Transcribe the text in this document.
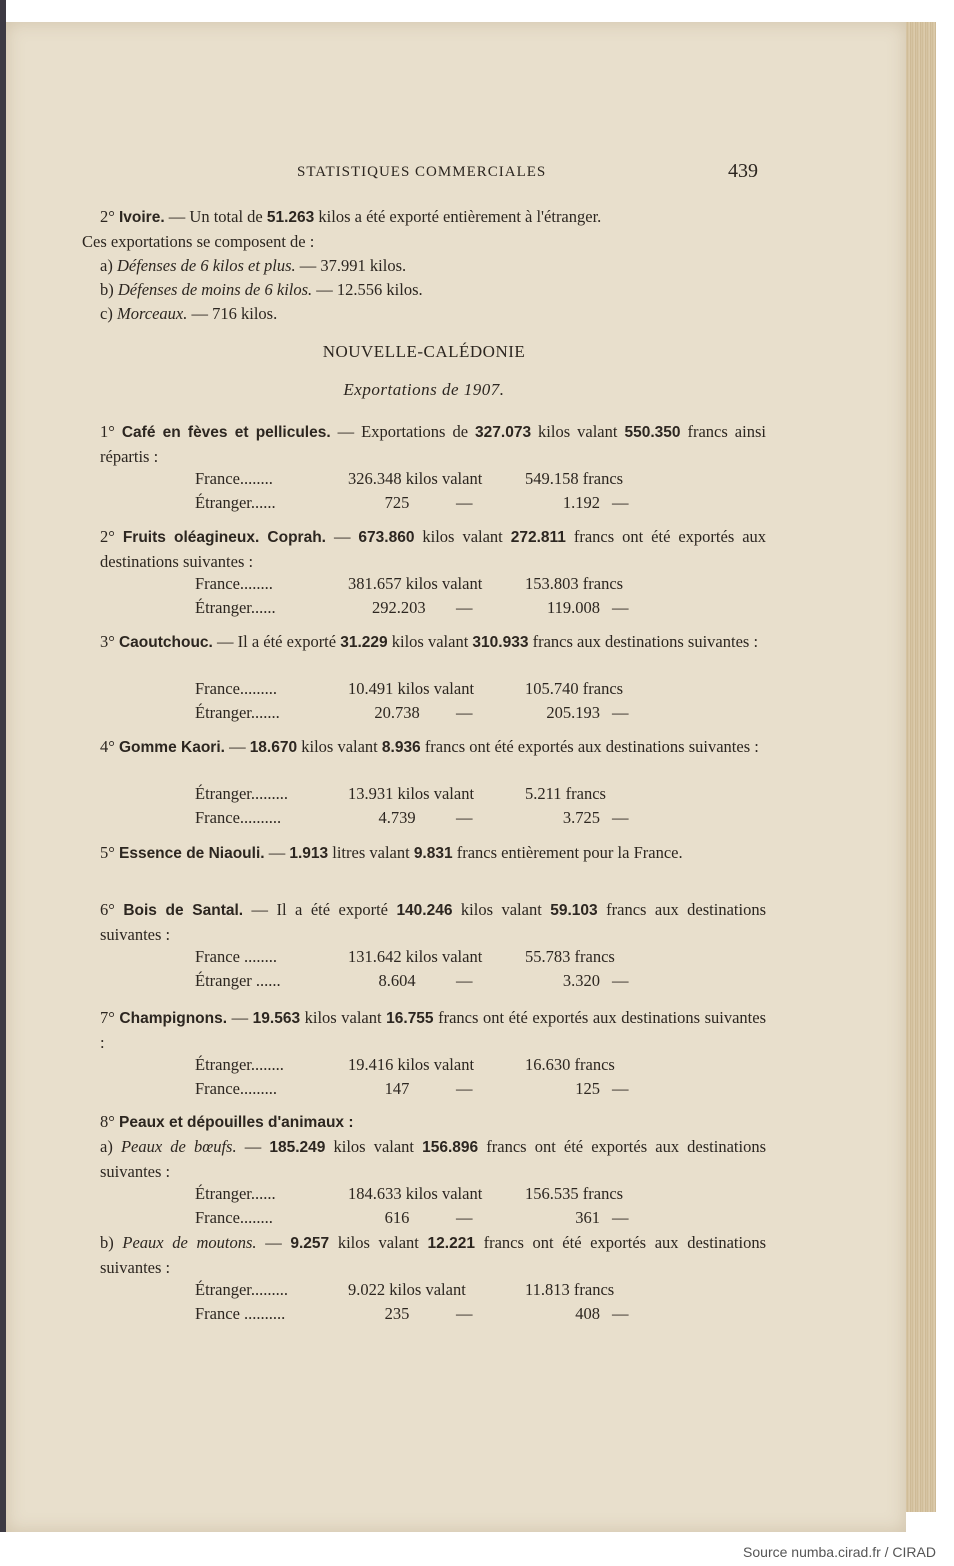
Source numba.cirad.fr / CIRAD
STATISTIQUES COMMERCIALES	439
2° Ivoire. — Un total de 51.263 kilos a été exporté entièrement à l'étranger.
Ces exportations se composent de :
a) Défenses de 6 kilos et plus. — 37.991 kilos.
b) Défenses de moins de 6 kilos. — 12.556 kilos.
c) Morceaux. — 716 kilos.
NOUVELLE-CALÉDONIE
Exportations de 1907.
1° Café en fèves et pellicules. — Exportations de 327.073 kilos valant 550.350 francs ainsi répartis :
France........	326.348 kilos valant	549.158 francs
Étranger......	725	—	1.192 —
2° Fruits oléagineux. Coprah. — 673.860 kilos valant 272.811 francs ont été exportés aux destinations suivantes :
France........	381.657 kilos valant	153.803 francs
Étranger......	292.203 —	119.008 —
3° Caoutchouc. — Il a été exporté 31.229 kilos valant 310.933 francs aux destinations suivantes :
France.........	10.491 kilos valant	105.740 francs
Étranger.......	20.738 —	205.193 —
4° Gomme Kaori. — 18.670 kilos valant 8.936 francs ont été exportés aux destinations suivantes :
Étranger.........	13.931 kilos valant	5.211 francs
France..........	4.739	—	3.725 —
5° Essence de Niaouli. — 1.913 litres valant 9.831 francs entièrement pour la France.
6° Bois de Santal. — Il a été exporté 140.246 kilos valant 59.103 francs aux destinations suivantes :
France ........	131.642 kilos valant	55.783 francs
Étranger ......	8.604	—	3.320 —
7° Champignons. — 19.563 kilos valant 16.755 francs ont été exportés aux destinations suivantes :
Étranger........	19.416 kilos valant	16.630 francs
France.........	147	—	125 —
8° Peaux et dépouilles d'animaux :
a) Peaux de bœufs. — 185.249 kilos valant 156.896 francs ont été exportés aux destinations suivantes :
Étranger......	184.633 kilos valant	156.535 francs
France........	616	—	361 —
b) Peaux de moutons. — 9.257 kilos valant 12.221 francs ont été exportés aux destinations suivantes :
Étranger.........	9.022 kilos valant	11.813 francs
France ..........	235	—	408 —
